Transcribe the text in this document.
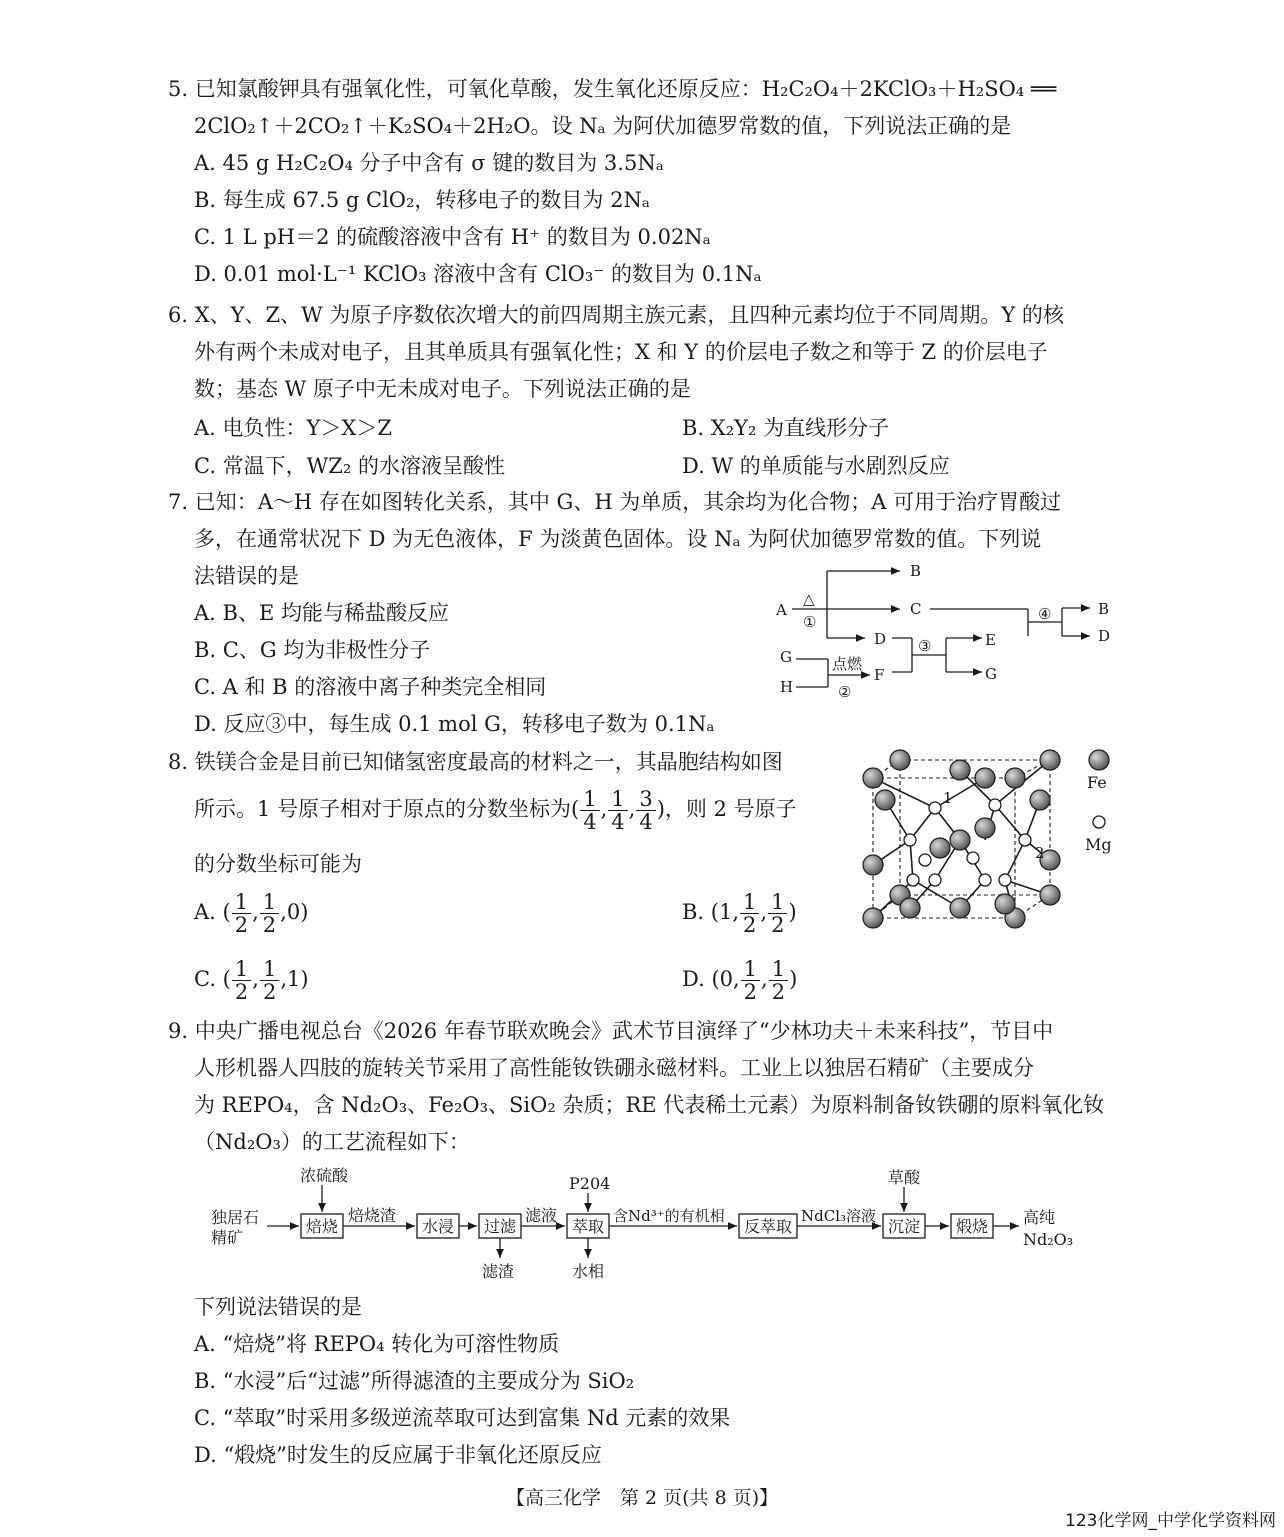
5. 已知氯酸钾具有强氧化性，可氧化草酸，发生氧化还原反应：H₂C₂O₄＋2KClO₃＋H₂SO₄ ══
2ClO₂↑＋2CO₂↑＋K₂SO₄＋2H₂O。设 Nₐ 为阿伏加德罗常数的值，下列说法正确的是
A. 45 g H₂C₂O₄ 分子中含有 σ 键的数目为 3.5Nₐ
B. 每生成 67.5 g ClO₂，转移电子的数目为 2Nₐ
C. 1 L pH＝2 的硫酸溶液中含有 H⁺ 的数目为 0.02Nₐ
D. 0.01 mol·L⁻¹ KClO₃ 溶液中含有 ClO₃⁻ 的数目为 0.1Nₐ
6. X、Y、Z、W 为原子序数依次增大的前四周期主族元素，且四种元素均位于不同周期。Y 的核
外有两个未成对电子，且其单质具有强氧化性；X 和 Y 的价层电子数之和等于 Z 的价层电子
数；基态 W 原子中无未成对电子。下列说法正确的是
A. 电负性：Y＞X＞Z	B. X₂Y₂ 为直线形分子
C. 常温下，WZ₂ 的水溶液呈酸性	D. W 的单质能与水剧烈反应
7. 已知：A～H 存在如图转化关系，其中 G、H 为单质，其余均为化合物；A 可用于治疗胃酸过
多，在通常状况下 D 为无色液体，F 为淡黄色固体。设 Nₐ 为阿伏加德罗常数的值。下列说
法错误的是
A. B、E 均能与稀盐酸反应
B. C、G 均为非极性分子
C. A 和 B 的溶液中离子种类完全相同
D. 反应③中，每生成 0.1 mol G，转移电子数为 0.1Nₐ
A
B
C
D
B
D
E
G
G
H
F
△
①
②
③
④
点燃
8. 铁镁合金是目前已知储氢密度最高的材料之一，其晶胞结构如图
所示。1 号原子相对于原点的分数坐标为( $\frac{1}{4}$ , $\frac{1}{4}$ , $\frac{3}{4}$ )，则 2 号原子
的分数坐标可能为
A. ( $\frac{1}{2}$ , $\frac{1}{2} ,0$)	B. (1, $\frac{1}{2}$ , $\frac{1}{2}$ )
C. ( $\frac{1}{2}$ , $\frac{1}{2} ,1$)	D. (0, $\frac{1}{2}$ , $\frac{1}{2}$ )
1
2
Fe
Mg
9. 中央广播电视总台《2026 年春节联欢晚会》武术节目演绎了“少林功夫＋未来科技”，节目中
人形机器人四肢的旋转关节采用了高性能钕铁硼永磁材料。工业上以独居石精矿（主要成分
为 REPO₄，含 Nd₂O₃、Fe₂O₃、SiO₂ 杂质；RE 代表稀土元素）为原料制备钕铁硼的原料氧化钕
（Nd₂O₃）的工艺流程如下：
独居石
精矿
浓硫酸
焙烧
焙烧渣
水浸 过滤
滤液
滤渣
P204
萃取
含Nd³⁺的有机相
水相
反萃取
NdCl₃溶液
草酸
沉淀 煅烧 高纯
Nd₂O₃
下列说法错误的是
A. “焙烧”将 REPO₄ 转化为可溶性物质
B. “水浸”后“过滤”所得滤渣的主要成分为 SiO₂
C. “萃取”时采用多级逆流萃取可达到富集 Nd 元素的效果
D. “煅烧”时发生的反应属于非氧化还原反应
【高三化学　第 2 页(共 8 页)】
123化学网_中学化学资料网
